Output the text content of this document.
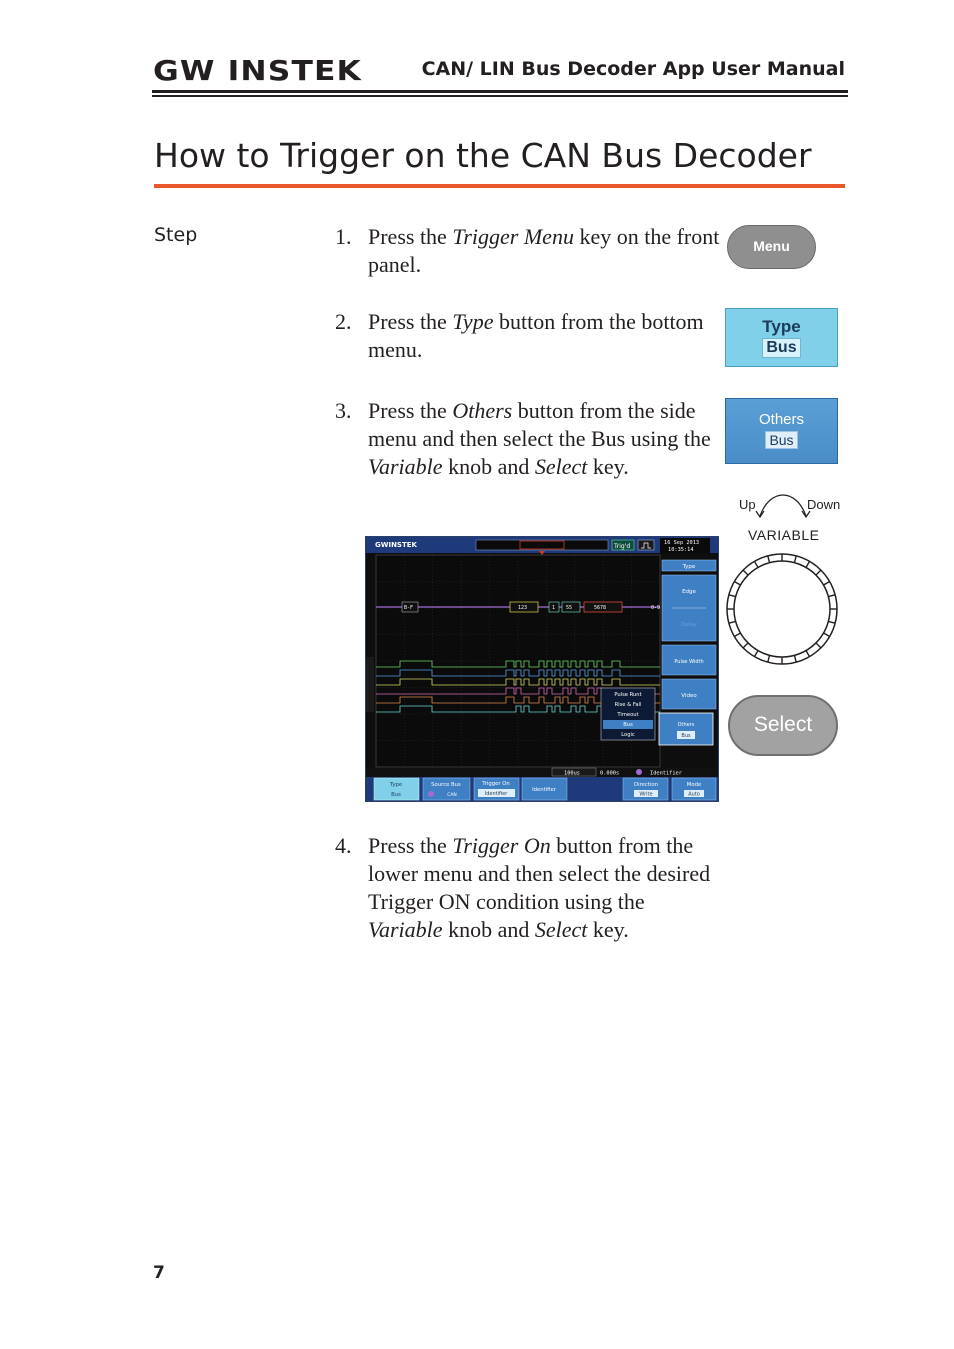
GW INSTEK	CAN/ LIN Bus Decoder App User Manual
How to Trigger on the CAN Bus Decoder
Step	1. Press the Trigger Menu key on the front panel.
2. Press the Type button from the bottom menu.
3. Press the Others button from the side menu and then select the Bus using the Variable knob and Select key.
4. Press the Trigger On button from the lower menu and then select the desired Trigger ON condition using the Variable knob and Select key.
Menu
Type
Bus
Others
Bus
Up	Down
VARIABLE
Select
GWINSTEK	Trig'd	16 Sep 2013
10:35:14
B-F	123	1 55	5678	0-9
Type
Edge
Delay
Pulse Width
Video
Others
Bus
Pulse Runt
Rise & Fall
Timeout
Bus
Logic
100us	0.000s	Identifier
Type
Bus
Source Bus
CAN
Trigger On
Identifier
Identifier
Direction
Write
Mode
Auto
7
